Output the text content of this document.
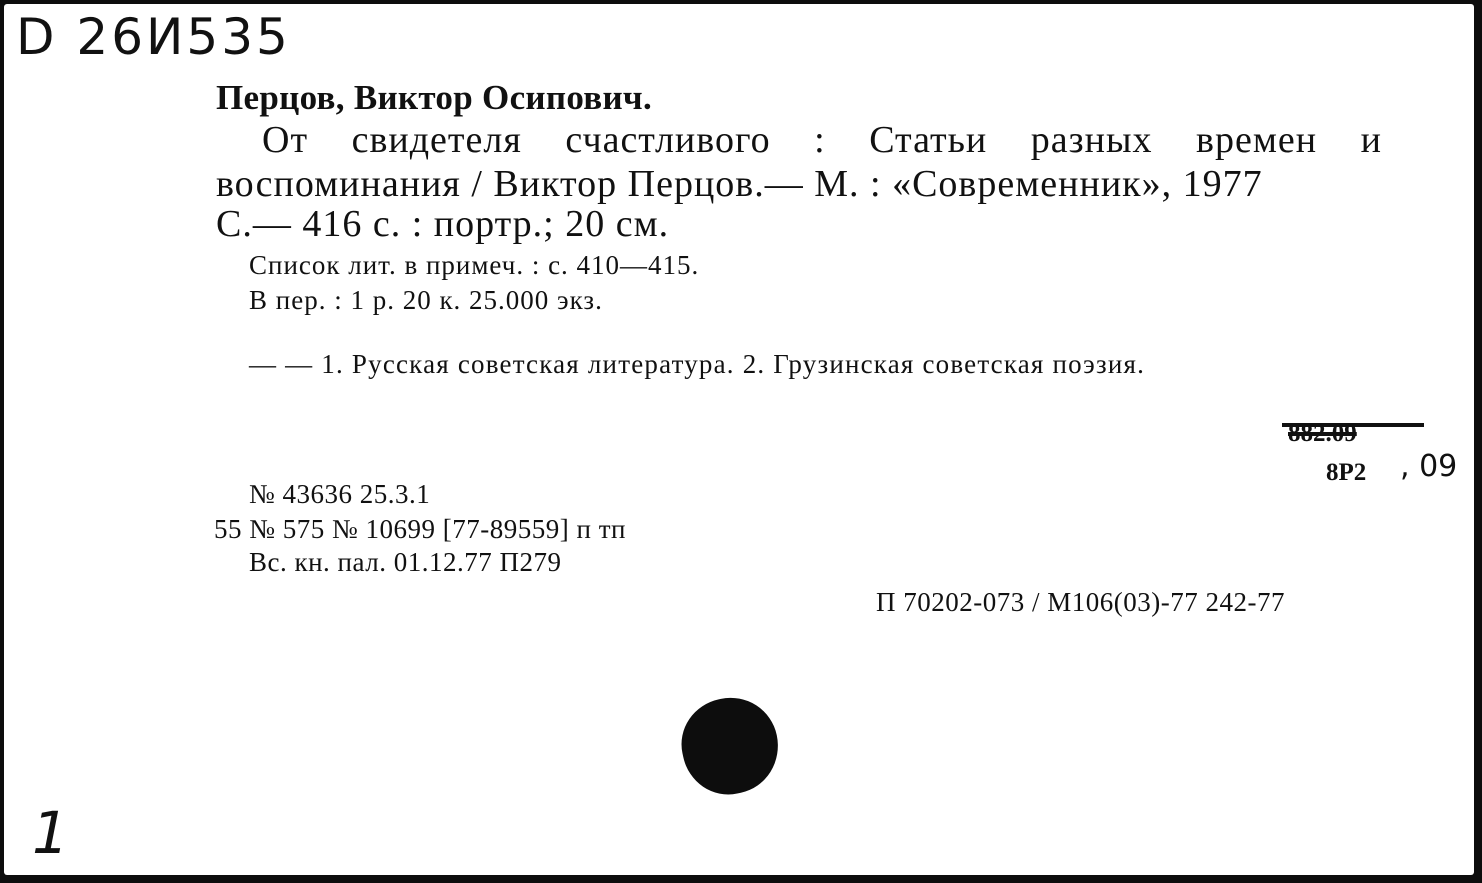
D 26И535
Перцов, Виктор Осипович.
От свидетеля счастливого : Статьи разных времен и
воспоминания / Виктор Перцов.— М. : «Современник», 1977
С.— 416 с. : портр.; 20 см.
Список лит. в примеч. : с. 410—415.
В пер. : 1 р. 20 к. 25.000 экз.
— — 1. Русская советская литература. 2. Грузинская советская поэзия.
882.09
8Р2 , 09
№ 43636 25.3.1
55 № 575 № 10699 [77-89559] п тп
Вс. кн. пал. 01.12.77 П279
П 70202-073 / М106(03)-77 242-77
1
